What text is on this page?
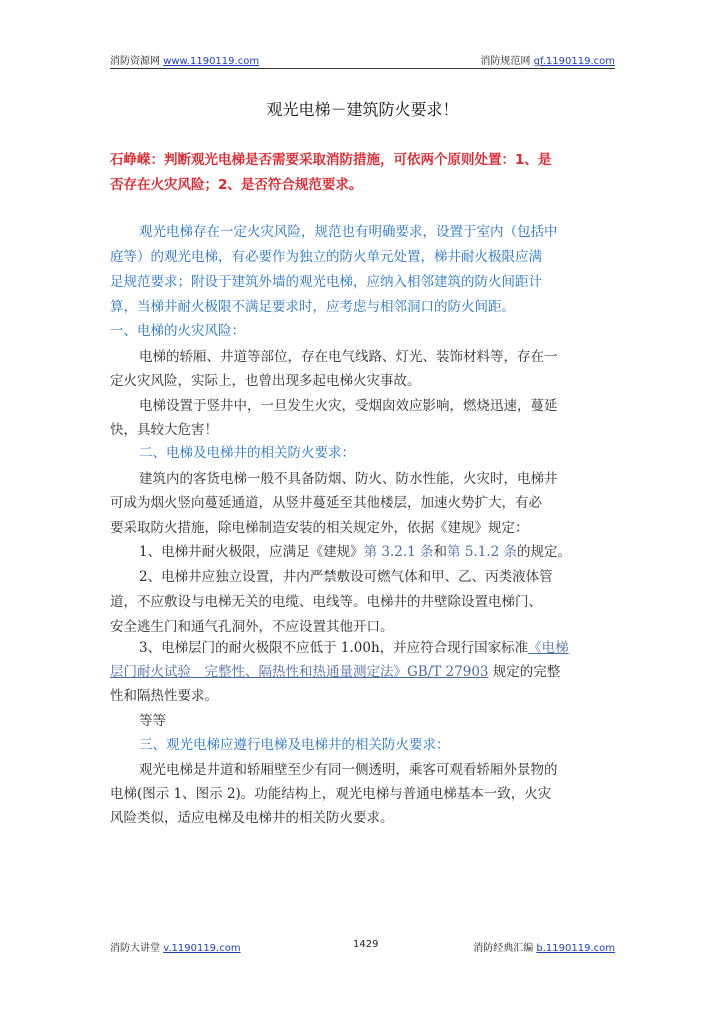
消防资源网 www.1190119.com	消防规范网 gf.1190119.com
观光电梯－建筑防火要求！
石峥嵘：判断观光电梯是否需要采取消防措施，可依两个原则处置：1、是
否存在火灾风险；2、是否符合规范要求。
观光电梯存在一定火灾风险，规范也有明确要求，设置于室内（包括中
庭等）的观光电梯，有必要作为独立的防火单元处置，梯井耐火极限应满
足规范要求；附设于建筑外墙的观光电梯，应纳入相邻建筑的防火间距计
算，当梯井耐火极限不满足要求时，应考虑与相邻洞口的防火间距。
一、电梯的火灾风险：
电梯的轿厢、井道等部位，存在电气线路、灯光、装饰材料等，存在一
定火灾风险，实际上，也曾出现多起电梯火灾事故。
电梯设置于竖井中，一旦发生火灾，受烟囱效应影响，燃烧迅速，蔓延
快，具较大危害！
二、电梯及电梯井的相关防火要求：
建筑内的客货电梯一般不具备防烟、防火、防水性能，火灾时，电梯井
可成为烟火竖向蔓延通道，从竖井蔓延至其他楼层，加速火势扩大，有必
要采取防火措施，除电梯制造安装的相关规定外，依据《建规》规定：
1、电梯井耐火极限，应满足《建规》第 3.2.1 条和第 5.1.2 条的规定。
2、电梯井应独立设置，井内严禁敷设可燃气体和甲、乙、丙类液体管
道，不应敷设与电梯无关的电缆、电线等。电梯井的井壁除设置电梯门、
安全逃生门和通气孔洞外，不应设置其他开口。
3、电梯层门的耐火极限不应低于 1.00h，并应符合现行国家标准《电梯
层门耐火试验　完整性、隔热性和热通量测定法》GB/T 27903 规定的完整
性和隔热性要求。
等等
三、观光电梯应遵行电梯及电梯井的相关防火要求：
观光电梯是井道和轿厢壁至少有同一侧透明，乘客可观看轿厢外景物的
电梯(图示 1、图示 2)。功能结构上，观光电梯与普通电梯基本一致，火灾
风险类似，适应电梯及电梯井的相关防火要求。
消防大讲堂 v.1190119.com	1429	消防经典汇编 b.1190119.com
